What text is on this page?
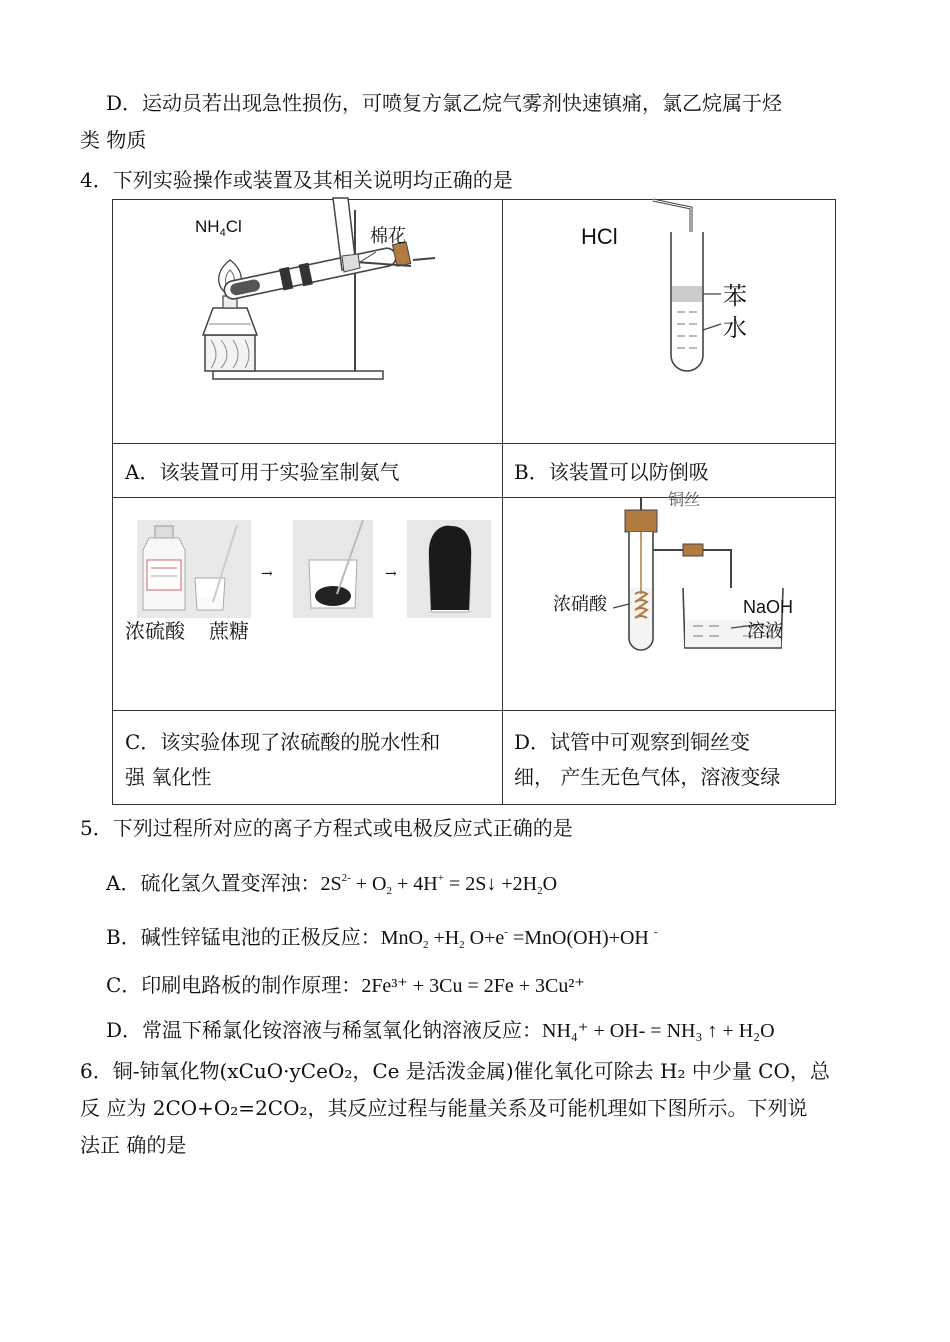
D．运动员若出现急性损伤，可喷复方氯乙烷气雾剂快速镇痛，氯乙烷属于烃
类 物质
4．下列实验操作或装置及其相关说明均正确的是
$NH_4Cl$	棉花	HCl
苯
水
A．该装置可用于实验室制氨气	B．该装置可以防倒吸
→	→
浓硫酸 蔗糖
铜丝
浓硝酸	NaOH
溶液
C．该实验体现了浓硫酸的脱水性和
强 氧化性
D．试管中可观察到铜丝变
细， 产生无色气体，溶液变绿
5．下列过程所对应的离子方程式或电极反应式正确的是
A．硫化氢久置变浑浊：$2S^{2-} + O_2 + 4H^+$ = 2S↓ $+2H_2O$
B．碱性锌锰电池的正极反应：$MnO_2 +H_2$ O+e- =MnO(OH)+OH -
C．印刷电路板的制作原理：2Fe³⁺ + 3Cu = 2Fe + 3Cu²⁺
D．常温下稀氯化铵溶液与稀氢氧化钠溶液反应：NH₄⁺ + OH- = NH₃ ↑ + H₂O
6．铜-铈氧化物(xCuO·yCeO₂，Ce 是活泼金属)催化氧化可除去 H₂ 中少量 CO，总
反 应为 2CO+O₂=2CO₂，其反应过程与能量关系及可能机理如下图所示。下列说
法正 确的是
